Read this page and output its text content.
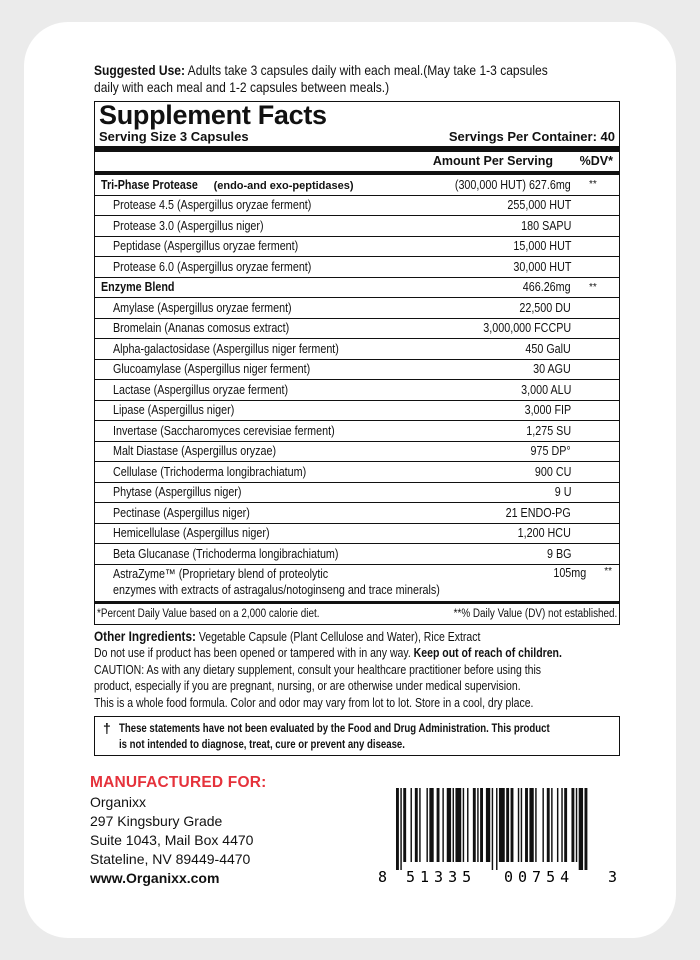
Suggested Use: Adults take 3 capsules daily with each meal.(May take 1-3 capsules
daily with each meal and 1-2 capsules between meals.)
Supplement Facts
Serving Size 3 Capsules	Servings Per Container: 40
Amount Per Serving	%DV*
Tri-Phase Protease (endo-and exo-peptidases)	(300,000 HUT) 627.6mg	**
Protease 4.5 (Aspergillus oryzae ferment)	255,000 HUT
Protease 3.0 (Aspergillus niger)	180 SAPU
Peptidase (Aspergillus oryzae ferment)	15,000 HUT
Protease 6.0 (Aspergillus oryzae ferment)	30,000 HUT
Enzyme Blend	466.26mg	**
Amylase (Aspergillus oryzae ferment)	22,500 DU
Bromelain (Ananas comosus extract)	3,000,000 FCCPU
Alpha-galactosidase (Aspergillus niger ferment)	450 GalU
Glucoamylase (Aspergillus niger ferment)	30 AGU
Lactase (Aspergillus oryzae ferment)	3,000 ALU
Lipase (Aspergillus niger)	3,000 FIP
Invertase (Saccharomyces cerevisiae ferment)	1,275 SU
Malt Diastase (Aspergillus oryzae)	975 DP°
Cellulase (Trichoderma longibrachiatum)	900 CU
Phytase (Aspergillus niger)	9 U
Pectinase (Aspergillus niger)	21 ENDO-PG
Hemicellulase (Aspergillus niger)	1,200 HCU
Beta Glucanase (Trichoderma longibrachiatum)	9 BG
AstraZyme™ (Proprietary blend of proteolytic
enzymes with extracts of astragalus/notoginseng and trace minerals)
105mg	**
*Percent Daily Value based on a 2,000 calorie diet.	**% Daily Value (DV) not established.
Other Ingredients: Vegetable Capsule (Plant Cellulose and Water), Rice Extract
Do not use if product has been opened or tampered with in any way. Keep out of reach of children.
CAUTION: As with any dietary supplement, consult your healthcare practitioner before using this
product, especially if you are pregnant, nursing, or are otherwise under medical supervision.
This is a whole food formula. Color and odor may vary from lot to lot. Store in a cool, dry place.
† These statements have not been evaluated by the Food and Drug Administration. This product
is not intended to diagnose, treat, cure or prevent any disease.
MANUFACTURED FOR:
Organixx
297 Kingsbury Grade
Suite 1043, Mail Box 4470
Stateline, NV 89449-4470
www.Organixx.com	8 51335 00754 3
